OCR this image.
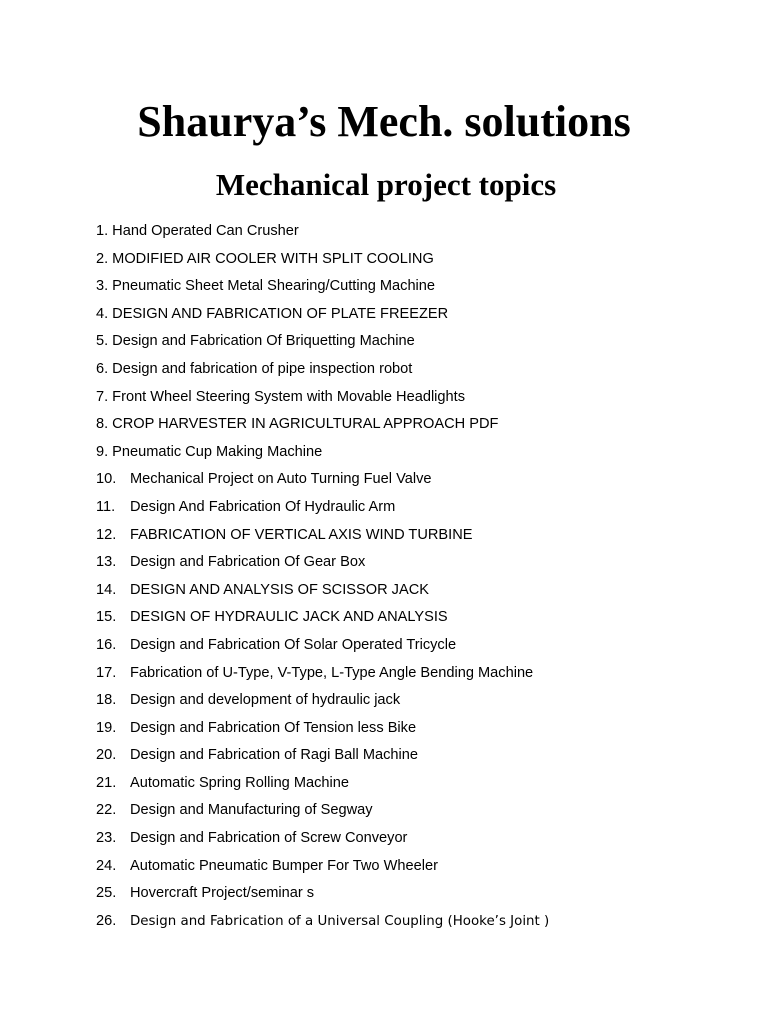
Shaurya’s Mech. solutions
Mechanical project topics
1. Hand Operated Can Crusher
2. MODIFIED AIR COOLER WITH SPLIT COOLING
3. Pneumatic Sheet Metal Shearing/Cutting Machine
4. DESIGN AND FABRICATION OF PLATE FREEZER
5. Design and Fabrication Of Briquetting Machine
6. Design and fabrication of pipe inspection robot
7. Front Wheel Steering System with Movable Headlights
8. CROP HARVESTER IN AGRICULTURAL APPROACH PDF
9. Pneumatic Cup Making Machine
10. Mechanical Project on Auto Turning Fuel Valve
11.	Design And Fabrication Of Hydraulic Arm
12. FABRICATION OF VERTICAL AXIS WIND TURBINE
13. Design and Fabrication Of Gear Box
14. DESIGN AND ANALYSIS OF SCISSOR JACK
15. DESIGN OF HYDRAULIC JACK AND ANALYSIS
16. Design and Fabrication Of Solar Operated Tricycle
17. Fabrication of U-Type, V-Type, L-Type Angle Bending Machine
18. Design and development of hydraulic jack
19. Design and Fabrication Of Tension less Bike
20. Design and Fabrication of Ragi Ball Machine
21. Automatic Spring Rolling Machine
22. Design and Manufacturing of Segway
23. Design and Fabrication of Screw Conveyor
24. Automatic Pneumatic Bumper For Two Wheeler
25. Hovercraft Project/seminar s
26.	Design and Fabrication of a Universal Coupling (Hooke’s Joint )
